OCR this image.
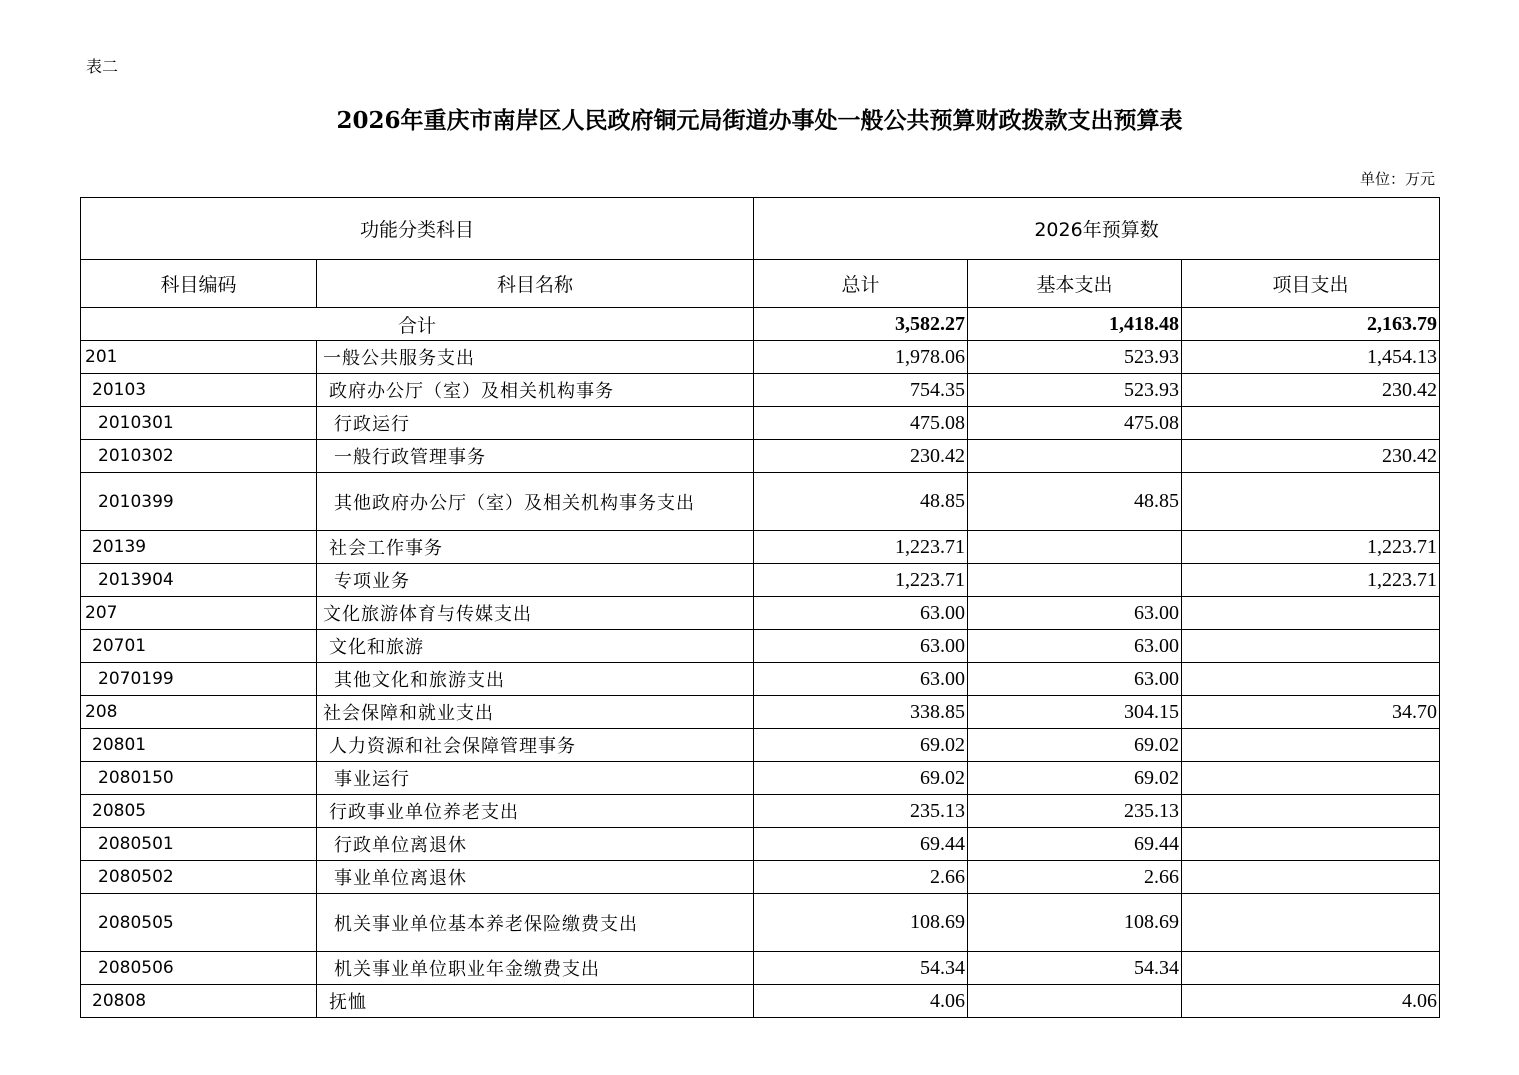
表二
2026年重庆市南岸区人民政府铜元局街道办事处一般公共预算财政拨款支出预算表
单位：万元
功能分类科目		2026年预算数		
科目编码	科目名称	总计	基本支出	项目支出
合计		3,582.27	1,418.48	2,163.79
201	一般公共服务支出	1,978.06	523.93	1,454.13
20103	政府办公厅（室）及相关机构事务	754.35	523.93	230.42
2010301	行政运行	475.08	475.08	
2010302	一般行政管理事务	230.42		230.42
2010399	其他政府办公厅（室）及相关机构事务支出	48.85	48.85	
20139	社会工作事务	1,223.71		1,223.71
2013904	专项业务	1,223.71		1,223.71
207	文化旅游体育与传媒支出	63.00	63.00	
20701	文化和旅游	63.00	63.00	
2070199	其他文化和旅游支出	63.00	63.00	
208	社会保障和就业支出	338.85	304.15	34.70
20801	人力资源和社会保障管理事务	69.02	69.02	
2080150	事业运行	69.02	69.02	
20805	行政事业单位养老支出	235.13	235.13	
2080501	行政单位离退休	69.44	69.44	
2080502	事业单位离退休	2.66	2.66	
2080505	机关事业单位基本养老保险缴费支出	108.69	108.69	
2080506	机关事业单位职业年金缴费支出	54.34	54.34	
20808	抚恤	4.06		4.06
